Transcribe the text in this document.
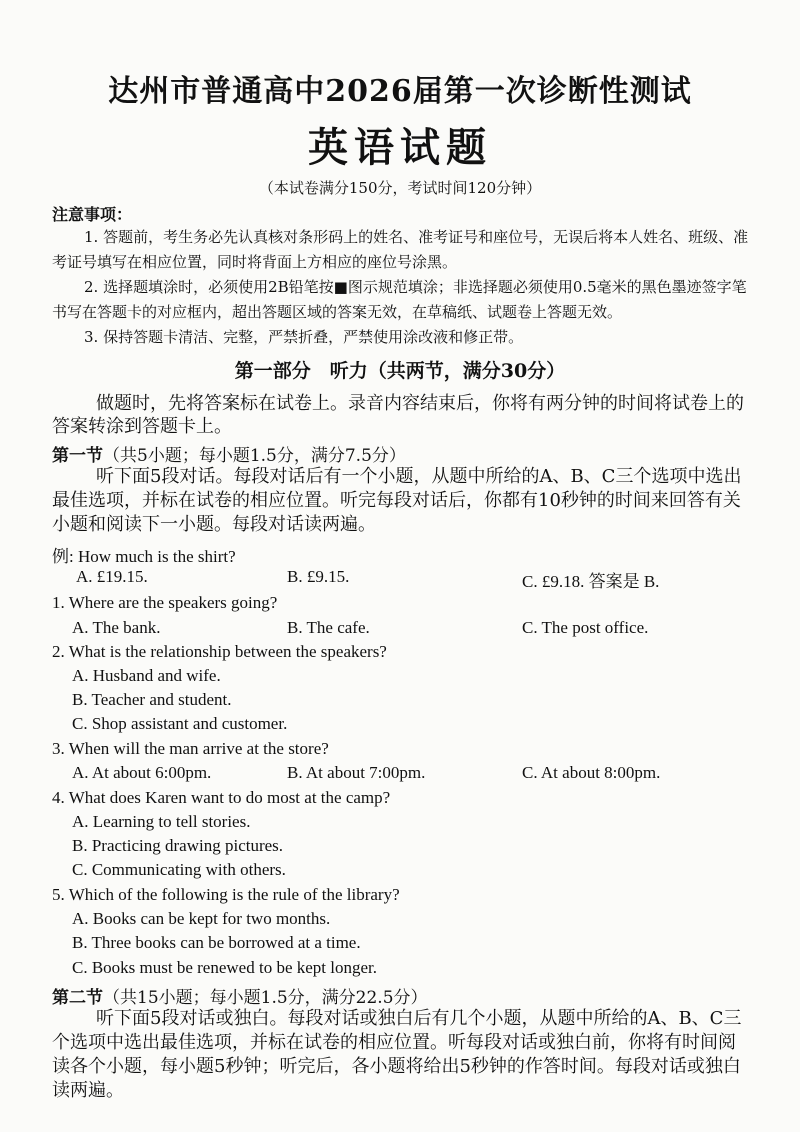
达州市普通高中2026届第一次诊断性测试
英语试题
（本试卷满分150分，考试时间120分钟）
注意事项：

1. 答题前，考生务必先认真核对条形码上的姓名、准考证号和座位号，无误后将本人姓名、班级、准考证号填写在相应位置，同时将背面上方相应的座位号涂黑。

2. 选择题填涂时，必须使用2B铅笔按■图示规范填涂；非选择题必须使用0.5毫米的黑色墨迹签字笔书写在答题卡的对应框内，超出答题区域的答案无效，在草稿纸、试题卷上答题无效。

3. 保持答题卡清洁、完整，严禁折叠，严禁使用涂改液和修正带。

第一部分　听力（共两节，满分30分）
做题时，先将答案标在试卷上。录音内容结束后，你将有两分钟的时间将试卷上的答案转涂到答题卡上。
第一节（共5小题；每小题1.5分，满分7.5分）
听下面5段对话。每段对话后有一个小题，从题中所给的A、B、C三个选项中选出最佳选项，并标在试卷的相应位置。听完每段对话后，你都有10秒钟的时间来回答有关小题和阅读下一小题。每段对话读两遍。
例: How much is the shirt?
A. £19.15.	B. £9.15.	C. £9.18. 答案是 B.
1. Where are the speakers going?
A. The bank.	B. The cafe.	C. The post office.
2. What is the relationship between the speakers?
A. Husband and wife.
B. Teacher and student.
C. Shop assistant and customer.
3. When will the man arrive at the store?
A. At about 6:00pm.	B. At about 7:00pm.	C. At about 8:00pm.
4. What does Karen want to do most at the camp?
A. Learning to tell stories.
B. Practicing drawing pictures.
C. Communicating with others.
5. Which of the following is the rule of the library?
A. Books can be kept for two months.
B. Three books can be borrowed at a time.
C. Books must be renewed to be kept longer.
第二节（共15小题；每小题1.5分，满分22.5分）
听下面5段对话或独白。每段对话或独白后有几个小题，从题中所给的A、B、C三个选项中选出最佳选项，并标在试卷的相应位置。听每段对话或独白前，你将有时间阅读各个小题，每小题5秒钟；听完后，各小题将给出5秒钟的作答时间。每段对话或独白读两遍。
